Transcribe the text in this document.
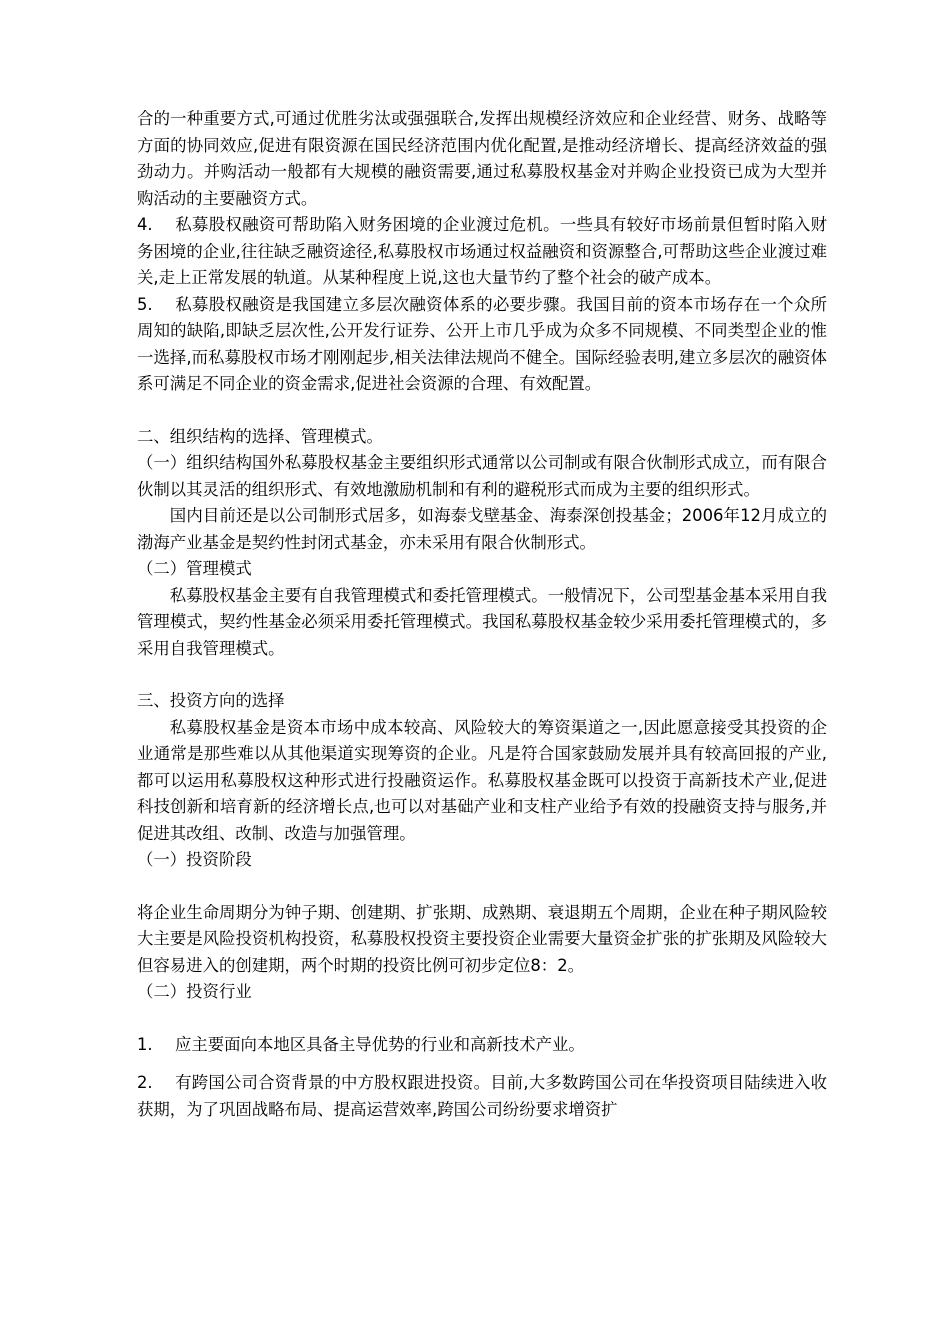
合的一种重要方式,可通过优胜劣汰或强强联合,发挥出规模经济效应和企业经营、财务、战略等方面的协同效应,促进有限资源在国民经济范围内优化配置,是推动经济增长、提高经济效益的强劲动力。并购活动一般都有大规模的融资需要,通过私募股权基金对并购企业投资已成为大型并购活动的主要融资方式。

4. 私募股权融资可帮助陷入财务困境的企业渡过危机。一些具有较好市场前景但暂时陷入财务困境的企业,往往缺乏融资途径,私募股权市场通过权益融资和资源整合,可帮助这些企业渡过难关,走上正常发展的轨道。从某种程度上说,这也大量节约了整个社会的破产成本。

5. 私募股权融资是我国建立多层次融资体系的必要步骤。我国目前的资本市场存在一个众所周知的缺陷,即缺乏层次性,公开发行证券、公开上市几乎成为众多不同规模、不同类型企业的惟一选择,而私募股权市场才刚刚起步,相关法律法规尚不健全。国际经验表明,建立多层次的融资体系可满足不同企业的资金需求,促进社会资源的合理、有效配置。

二、组织结构的选择、管理模式。

（一）组织结构国外私募股权基金主要组织形式通常以公司制或有限合伙制形式成立，而有限合伙制以其灵活的组织形式、有效地激励机制和有利的避税形式而成为主要的组织形式。

国内目前还是以公司制形式居多，如海泰戈壁基金、海泰深创投基金；2006年12月成立的渤海产业基金是契约性封闭式基金，亦未采用有限合伙制形式。

（二）管理模式

私募股权基金主要有自我管理模式和委托管理模式。一般情况下，公司型基金基本采用自我管理模式，契约性基金必须采用委托管理模式。我国私募股权基金较少采用委托管理模式的，多采用自我管理模式。

三、投资方向的选择

私募股权基金是资本市场中成本较高、风险较大的筹资渠道之一,因此愿意接受其投资的企业通常是那些难以从其他渠道实现筹资的企业。凡是符合国家鼓励发展并具有较高回报的产业,都可以运用私募股权这种形式进行投融资运作。私募股权基金既可以投资于高新技术产业,促进科技创新和培育新的经济增长点,也可以对基础产业和支柱产业给予有效的投融资支持与服务,并促进其改组、改制、改造与加强管理。

（一）投资阶段

将企业生命周期分为钟子期、创建期、扩张期、成熟期、衰退期五个周期，企业在种子期风险较大主要是风险投资机构投资，私募股权投资主要投资企业需要大量资金扩张的扩张期及风险较大但容易进入的创建期，两个时期的投资比例可初步定位8：2。

（二）投资行业

1. 应主要面向本地区具备主导优势的行业和高新技术产业。

2. 有跨国公司合资背景的中方股权跟进投资。目前,大多数跨国公司在华投资项目陆续进入收获期，为了巩固战略布局、提高运营效率,跨国公司纷纷要求增资扩
